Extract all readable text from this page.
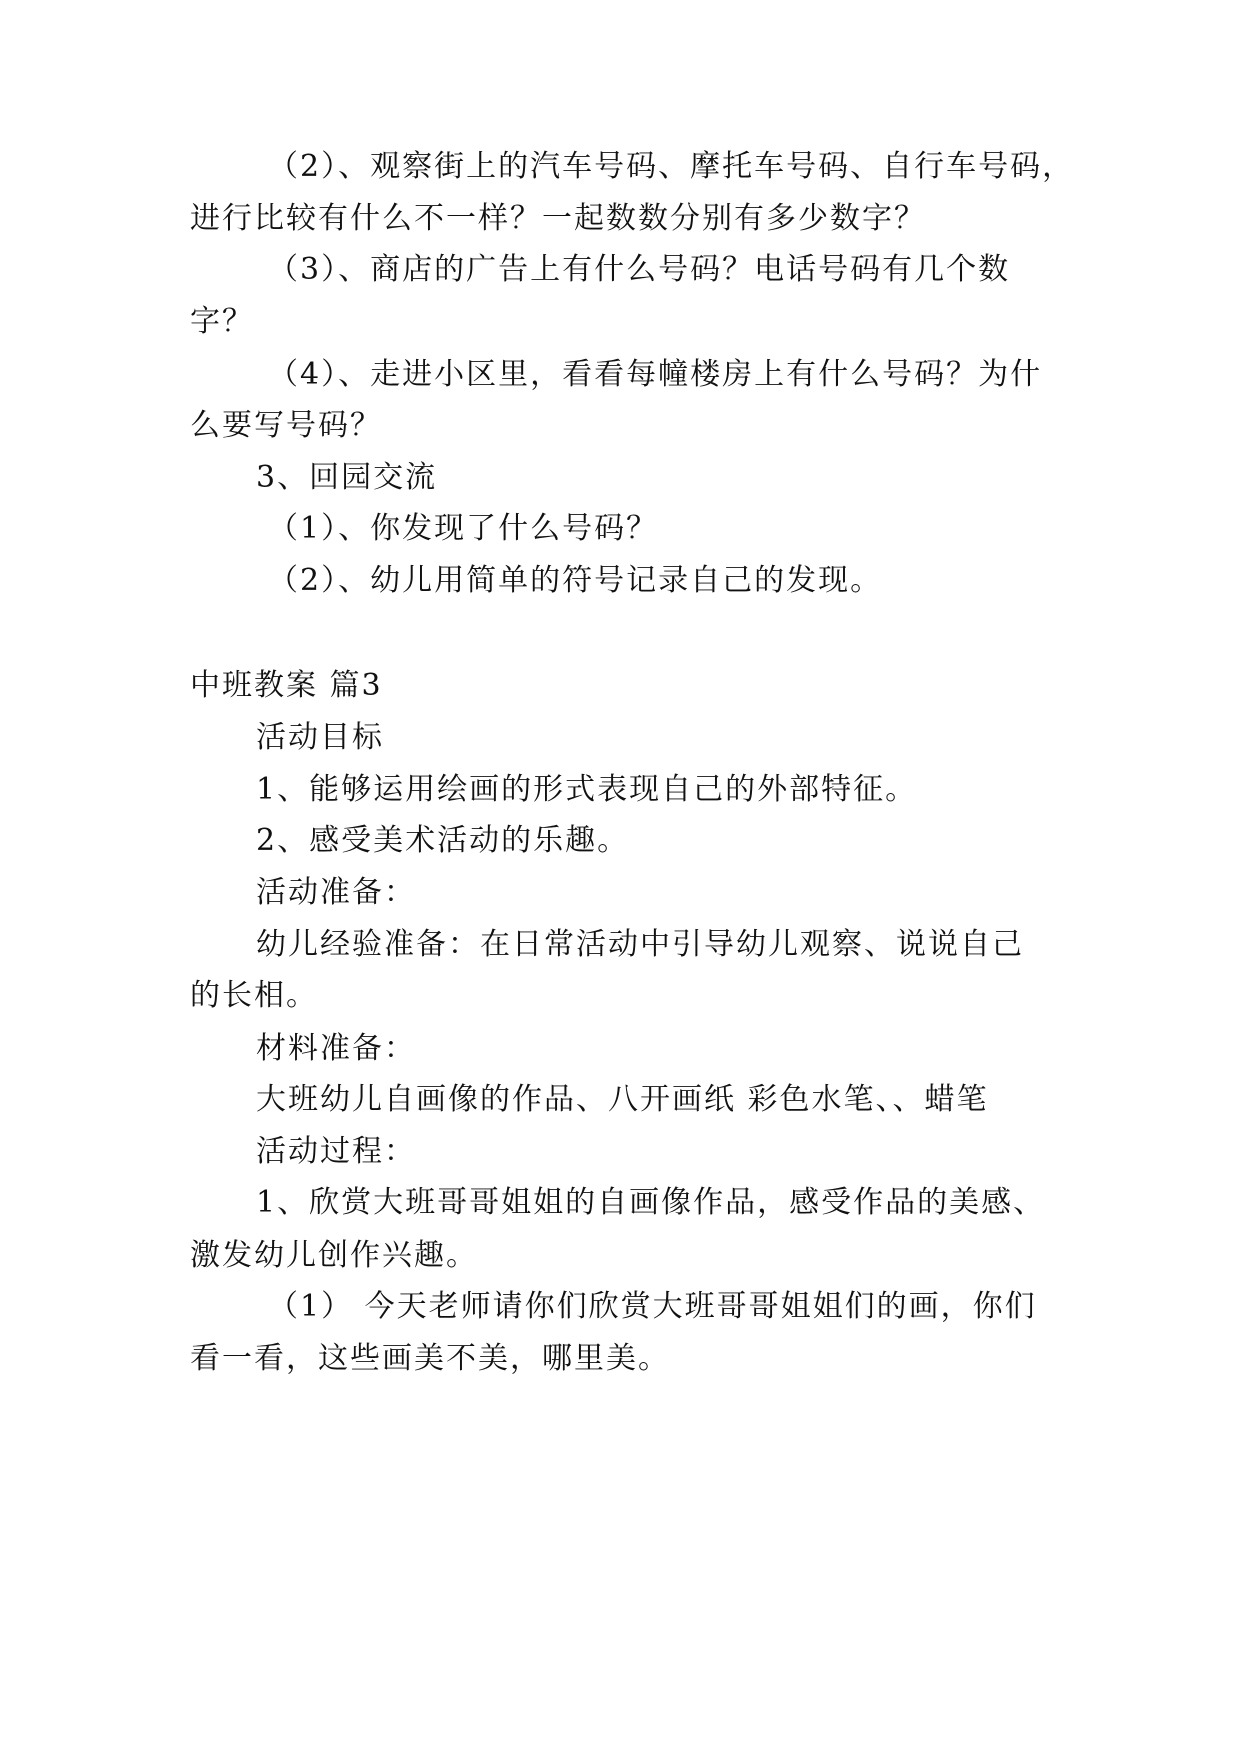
（2）、观察街上的汽车号码、摩托车号码、自行车号码，
进行比较有什么不一样？一起数数分别有多少数字？
（3）、商店的广告上有什么号码？电话号码有几个数
字？
（4）、走进小区里，看看每幢楼房上有什么号码？为什
么要写号码？
3、回园交流
（1）、你发现了什么号码？
（2）、幼儿用简单的符号记录自己的发现。
中班教案 篇3
活动目标
1、能够运用绘画的形式表现自己的外部特征。
2、感受美术活动的乐趣。
活动准备：
幼儿经验准备：在日常活动中引导幼儿观察、说说自己
的长相。
材料准备：
大班幼儿自画像的作品、八开画纸 彩色水笔、、蜡笔
活动过程：
1、欣赏大班哥哥姐姐的自画像作品，感受作品的美感、
激发幼儿创作兴趣。
（1） 今天老师请你们欣赏大班哥哥姐姐们的画，你们
看一看，这些画美不美，哪里美。
